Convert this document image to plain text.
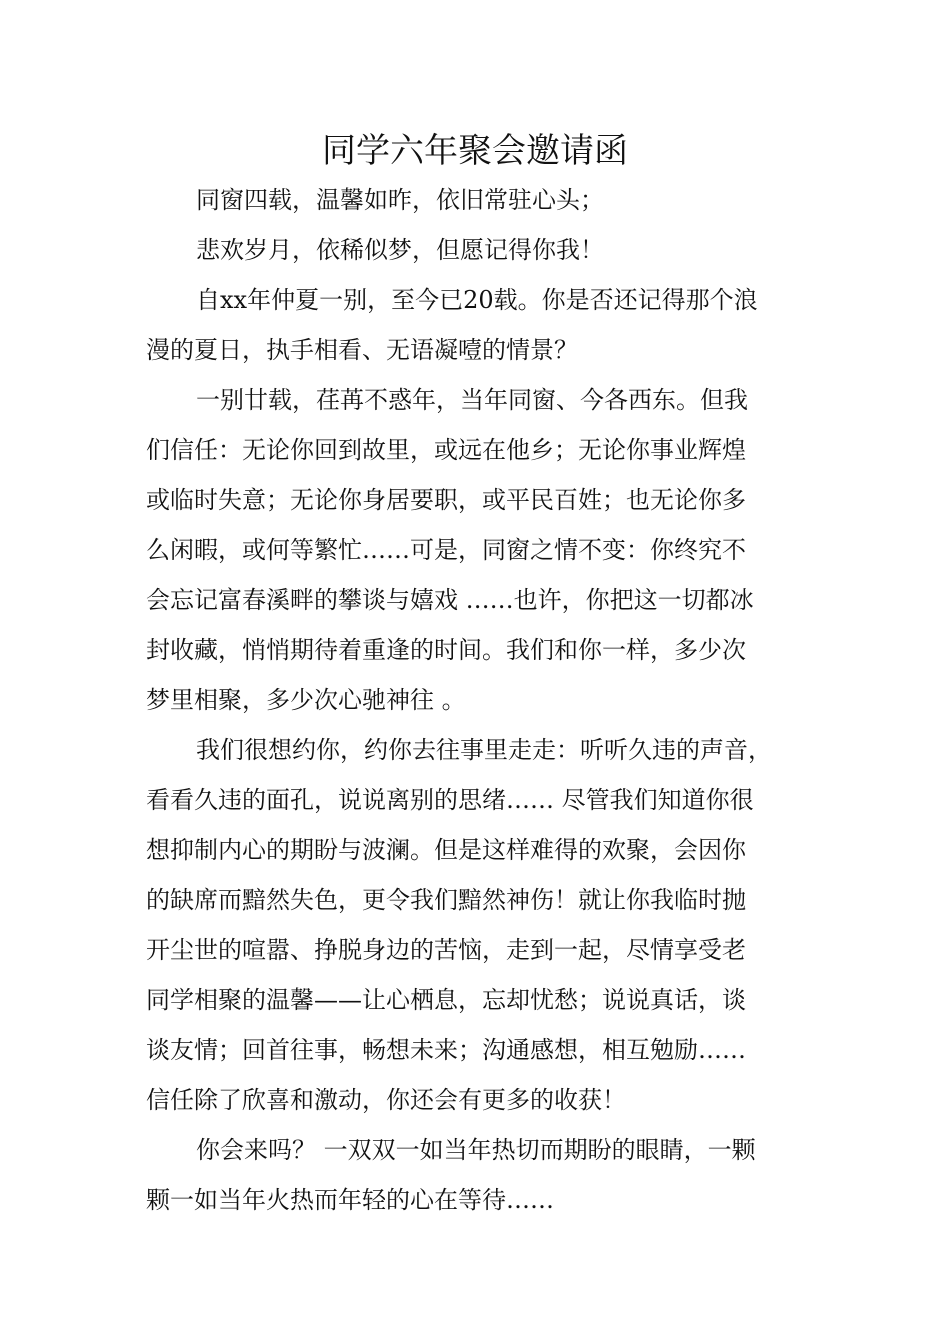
同学六年聚会邀请函
同窗四载，温馨如昨，依旧常驻心头；
悲欢岁月，依稀似梦，但愿记得你我！
自xx年仲夏一别，至今已20载。你是否还记得那个浪
漫的夏日，执手相看、无语凝噎的情景？
一别廿载，荏苒不惑年，当年同窗、今各西东。但我
们信任：无论你回到故里，或远在他乡；无论你事业辉煌
或临时失意；无论你身居要职，或平民百姓；也无论你多
么闲暇，或何等繁忙……可是，同窗之情不变：你终究不
会忘记富春溪畔的攀谈与嬉戏 ……也许，你把这一切都冰
封收藏，悄悄期待着重逢的时间。我们和你一样，多少次
梦里相聚，多少次心驰神往 。
我们很想约你，约你去往事里走走：听听久违的声音，
看看久违的面孔，说说离别的思绪…… 尽管我们知道你很
想抑制内心的期盼与波澜。但是这样难得的欢聚，会因你
的缺席而黯然失色，更令我们黯然神伤！就让你我临时抛
开尘世的喧嚣、挣脱身边的苦恼，走到一起，尽情享受老
同学相聚的温馨——让心栖息，忘却忧愁；说说真话，谈
谈友情；回首往事，畅想未来；沟通感想，相互勉励……
信任除了欣喜和激动，你还会有更多的收获！
你会来吗？ 一双双一如当年热切而期盼的眼睛，一颗
颗一如当年火热而年轻的心在等待……
